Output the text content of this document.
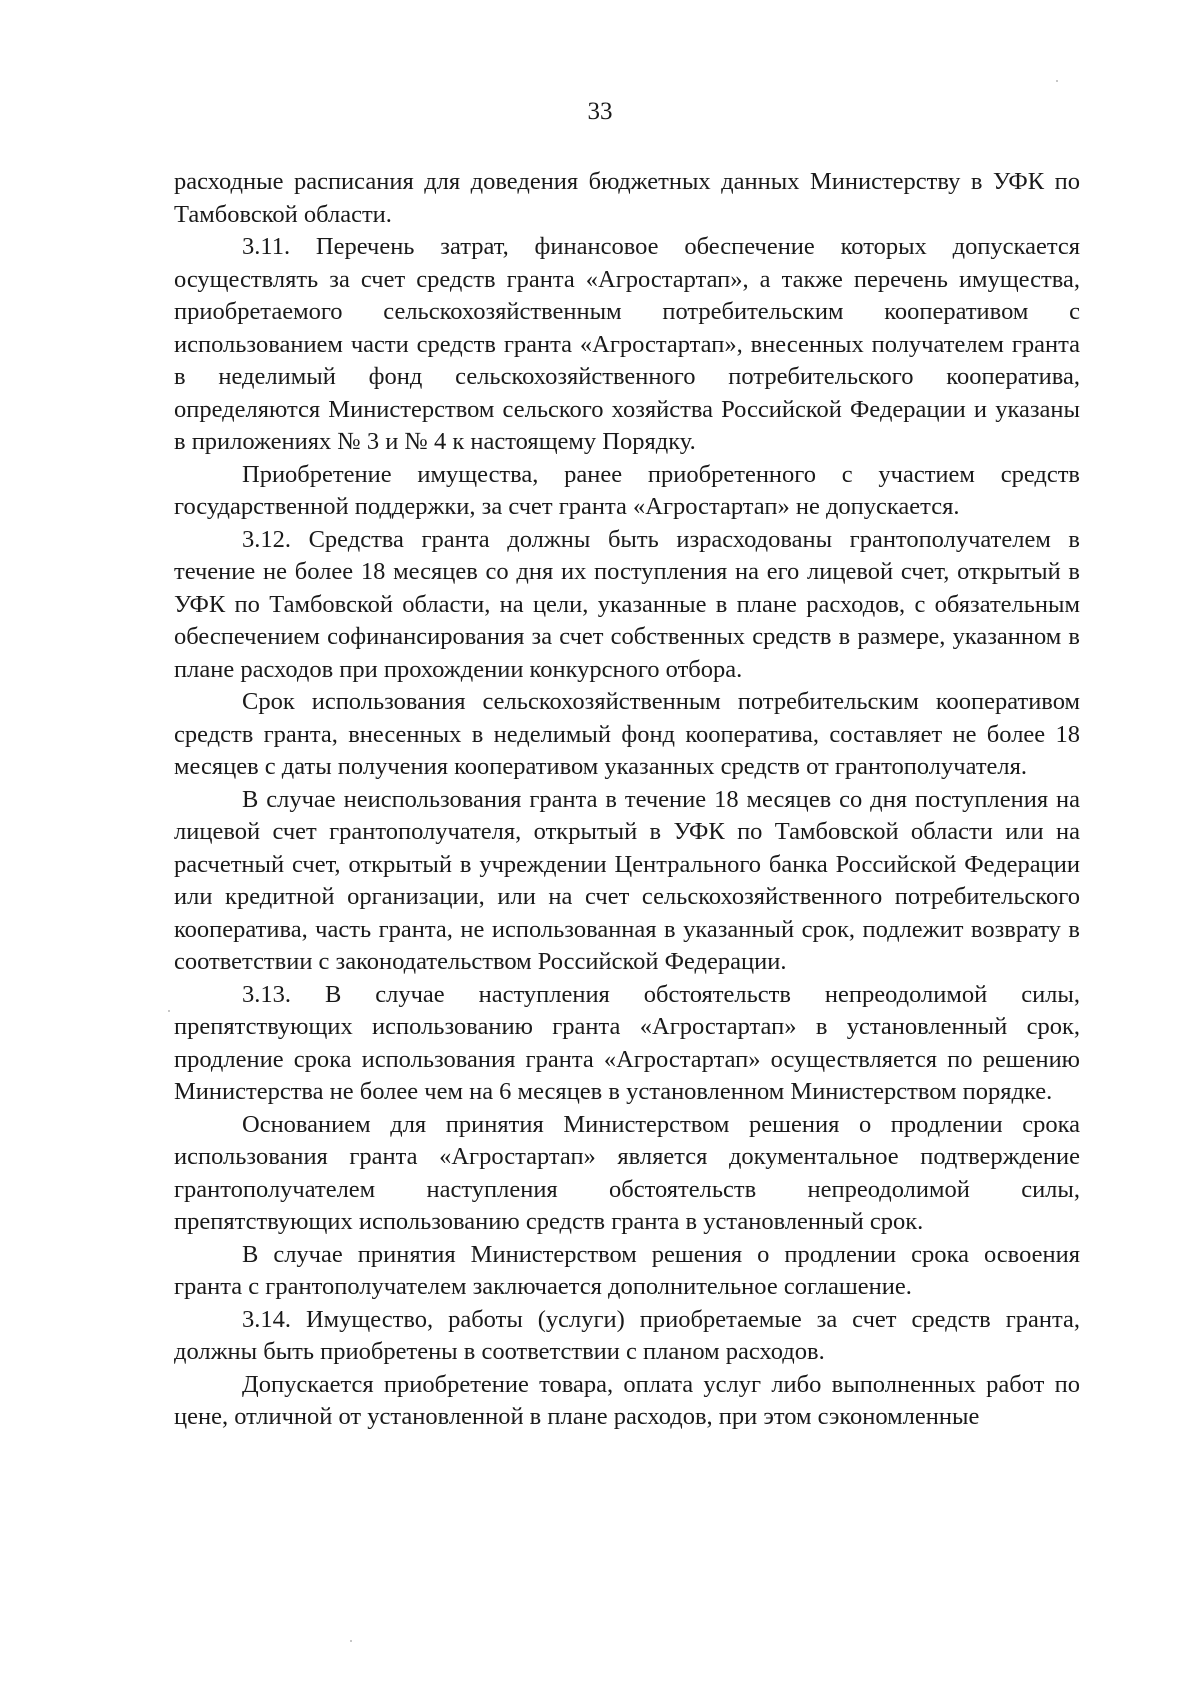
33

расходные расписания для доведения бюджетных данных Министерству в УФК по Тамбовской области.

3.11. Перечень затрат, финансовое обеспечение которых допускается осуществлять за счет средств гранта «Агростартап», а также перечень имущества, приобретаемого сельскохозяйственным потребительским кооперативом с использованием части средств гранта «Агростартап», внесенных получателем гранта в неделимый фонд сельскохозяйственного потребительского кооператива, определяются Министерством сельского хозяйства Российской Федерации и указаны в приложениях № 3 и № 4 к настоящему Порядку.

Приобретение имущества, ранее приобретенного с участием средств государственной поддержки, за счет гранта «Агростартап» не допускается.

3.12. Средства гранта должны быть израсходованы грантополучателем в течение не более 18 месяцев со дня их поступления на его лицевой счет, открытый в УФК по Тамбовской области, на цели, указанные в плане расходов, с обязательным обеспечением софинансирования за счет собственных средств в размере, указанном в плане расходов при прохождении конкурсного отбора.

Срок использования сельскохозяйственным потребительским кооперативом средств гранта, внесенных в неделимый фонд кооператива, составляет не более 18 месяцев с даты получения кооперативом указанных средств от грантополучателя.

В случае неиспользования гранта в течение 18 месяцев со дня поступления на лицевой счет грантополучателя, открытый в УФК по Тамбовской области или на расчетный счет, открытый в учреждении Центрального банка Российской Федерации или кредитной организации, или на счет сельскохозяйственного потребительского кооператива, часть гранта, не использованная в указанный срок, подлежит возврату в соответствии с законодательством Российской Федерации.

3.13. В случае наступления обстоятельств непреодолимой силы, препятствующих использованию гранта «Агростартап» в установленный срок, продление срока использования гранта «Агростартап» осуществляется по решению Министерства не более чем на 6 месяцев в установленном Министерством порядке.

Основанием для принятия Министерством решения о продлении срока использования гранта «Агростартап» является документальное подтверждение грантополучателем наступления обстоятельств непреодолимой силы, препятствующих использованию средств гранта в установленный срок.

В случае принятия Министерством решения о продлении срока освоения гранта с грантополучателем заключается дополнительное соглашение.

3.14. Имущество, работы (услуги) приобретаемые за счет средств гранта, должны быть приобретены в соответствии с планом расходов.

Допускается приобретение товара, оплата услуг либо выполненных работ по цене, отличной от установленной в плане расходов, при этом сэкономленные
